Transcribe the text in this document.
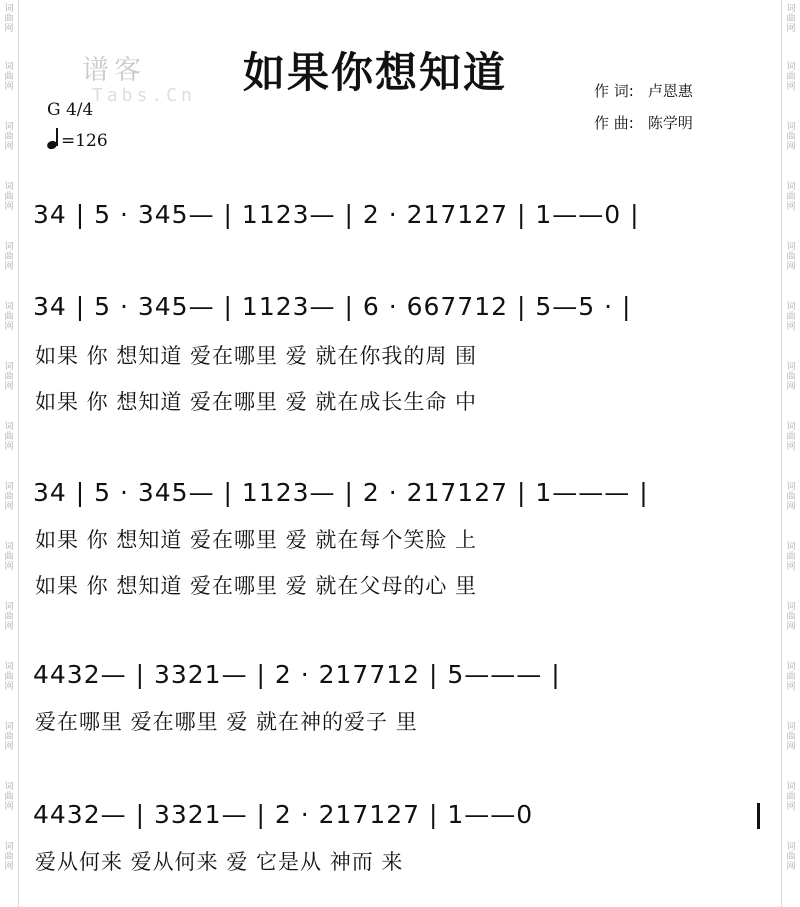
词曲网
词曲网
词曲网
词曲网
词曲网
词曲网
词曲网
词曲网
词曲网
词曲网
词曲网
词曲网
词曲网
词曲网
词曲网
词曲网
词曲网
词曲网
词曲网
词曲网
词曲网
词曲网
词曲网
词曲网
词曲网
词曲网
词曲网
词曲网
词曲网
词曲网
谱客
Tabs.Cn 如果你想知道	作 词: 卢恩惠
作 曲: 陈学明
G 4/4
=126
34 | 5 · 345— | 1123— | 2 · 217127 | 1——0 |
34 | 5 · 345— | 1123— | 6 · 667712 | 5—5 · |
如果 你 想知道 爱在哪里 爱 就在你我的周 围
如果 你 想知道 爱在哪里 爱 就在成长生命 中
34 | 5 · 345— | 1123— | 2 · 217127 | 1——— |
如果 你 想知道 爱在哪里 爱 就在每个笑脸 上
如果 你 想知道 爱在哪里 爱 就在父母的心 里
4432— | 3321— | 2 · 217712 | 5——— |
爱在哪里 爱在哪里 爱 就在神的爱子 里
4432— | 3321— | 2 · 217127 | 1——0
爱从何来 爱从何来 爱 它是从 神而 来
